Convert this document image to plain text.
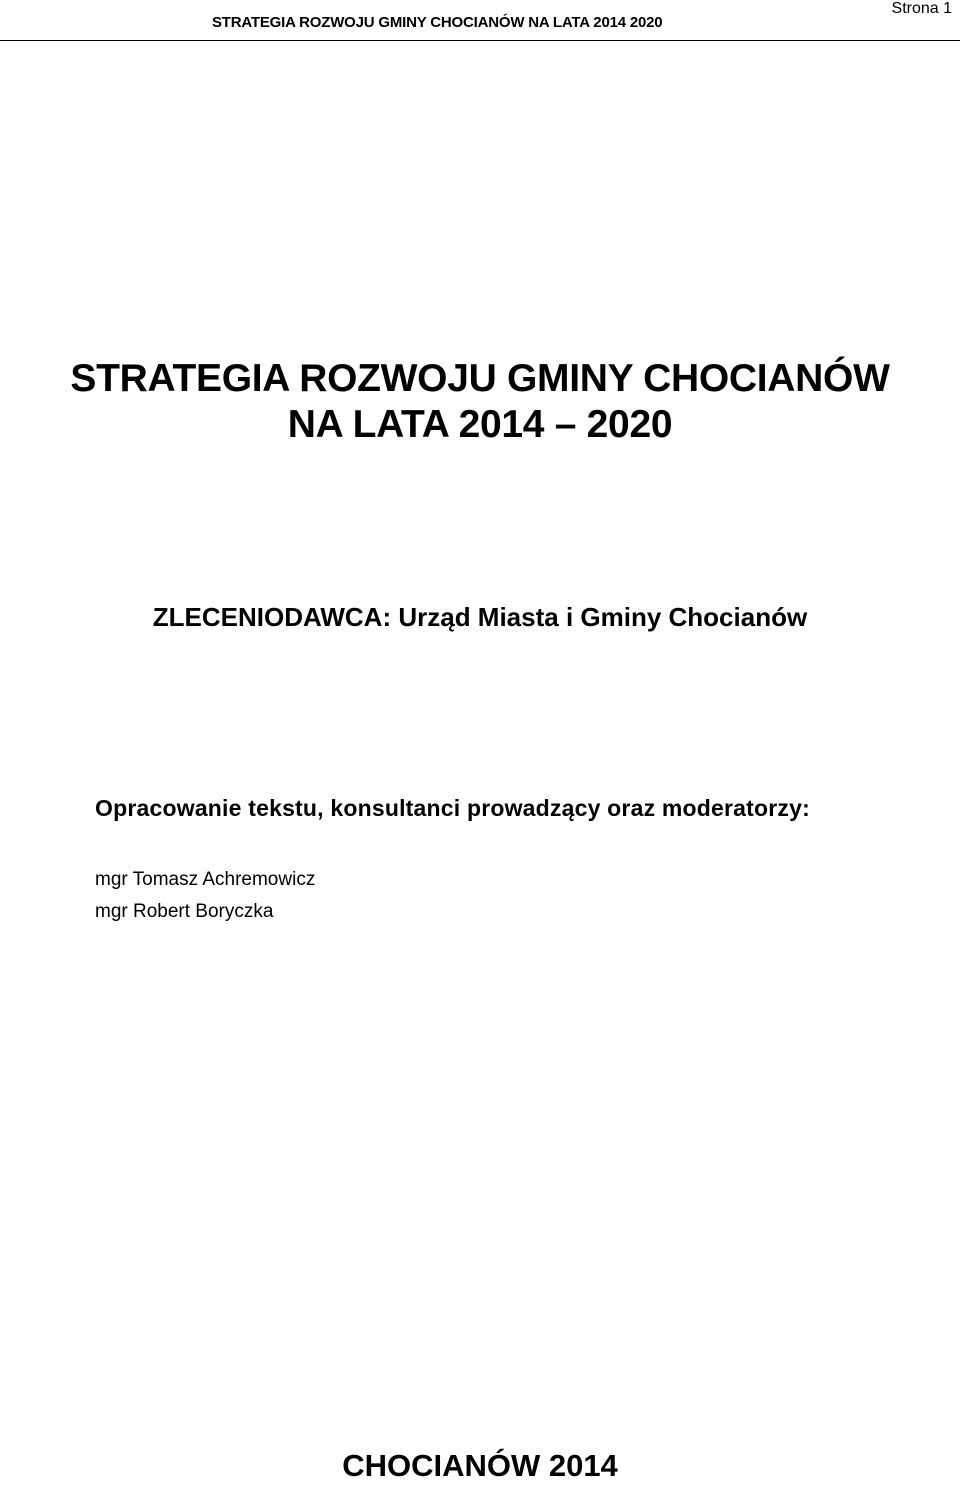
STRATEGIA ROZWOJU GMINY CHOCIANÓW NA LATA 2014 2020
Strona 1
STRATEGIA ROZWOJU GMINY CHOCIANÓW
NA LATA 2014 – 2020
ZLECENIODAWCA: Urząd Miasta i Gminy Chocianów
Opracowanie tekstu, konsultanci prowadzący oraz moderatorzy:
mgr Tomasz Achremowicz
mgr Robert Boryczka
CHOCIANÓW 2014
